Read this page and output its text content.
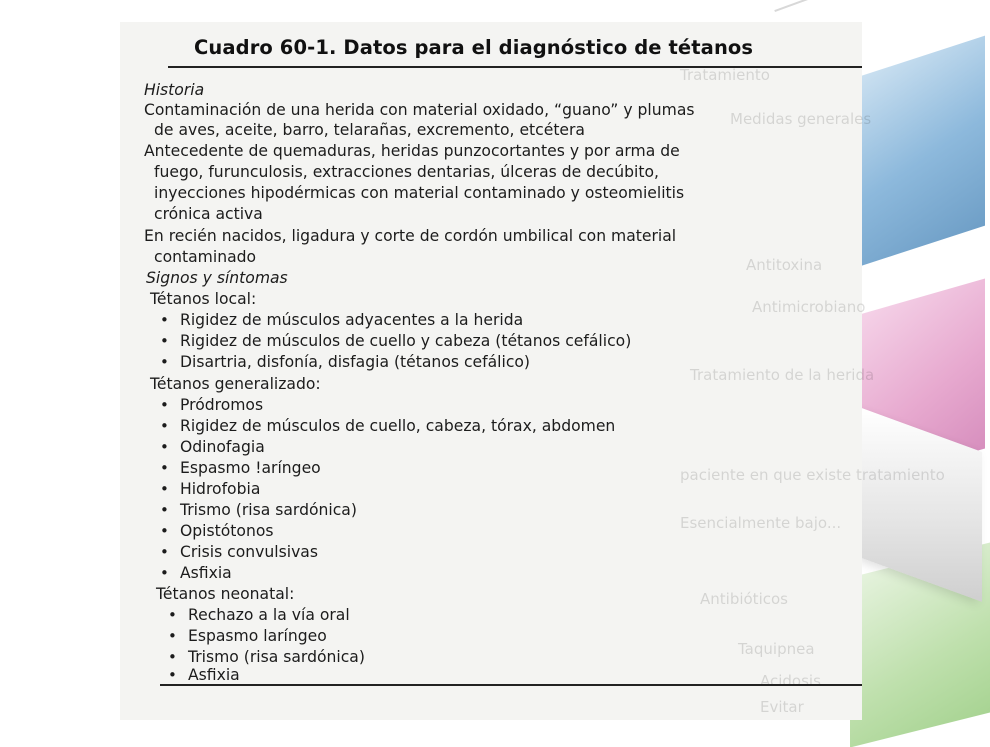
Tratamiento
Medidas generales
Antitoxina
Antimicrobiano
Tratamiento de la herida
paciente en que existe tratamiento
Esencialmente bajo...
Antibióticos
Taquipnea
Acidosis
Evitar
Cuadro 60-1. Datos para el diagnóstico de tétanos
Historia
Contaminación de una herida con material oxidado, “guano” y plumas
de aves, aceite, barro, telarañas, excremento, etcétera
Antecedente de quemaduras, heridas punzocortantes y por arma de
fuego, furunculosis, extracciones dentarias, úlceras de decúbito,
inyecciones hipodérmicas con material contaminado y osteomielitis
crónica activa
En recién nacidos, ligadura y corte de cordón umbilical con material
contaminado
Signos y síntomas
Tétanos local:
• Rigidez de músculos adyacentes a la herida
• Rigidez de músculos de cuello y cabeza (tétanos cefálico)
• Disartria, disfonía, disfagia (tétanos cefálico)
Tétanos generalizado:
• Pródromos
• Rigidez de músculos de cuello, cabeza, tórax, abdomen
• Odinofagia
• Espasmo !aríngeo
• Hidrofobia
• Trismo (risa sardónica)
• Opistótonos
• Crisis convulsivas
• Asfixia
Tétanos neonatal:
• Rechazo a la vía oral
• Espasmo laríngeo
• Trismo (risa sardónica)
• Asfixia
